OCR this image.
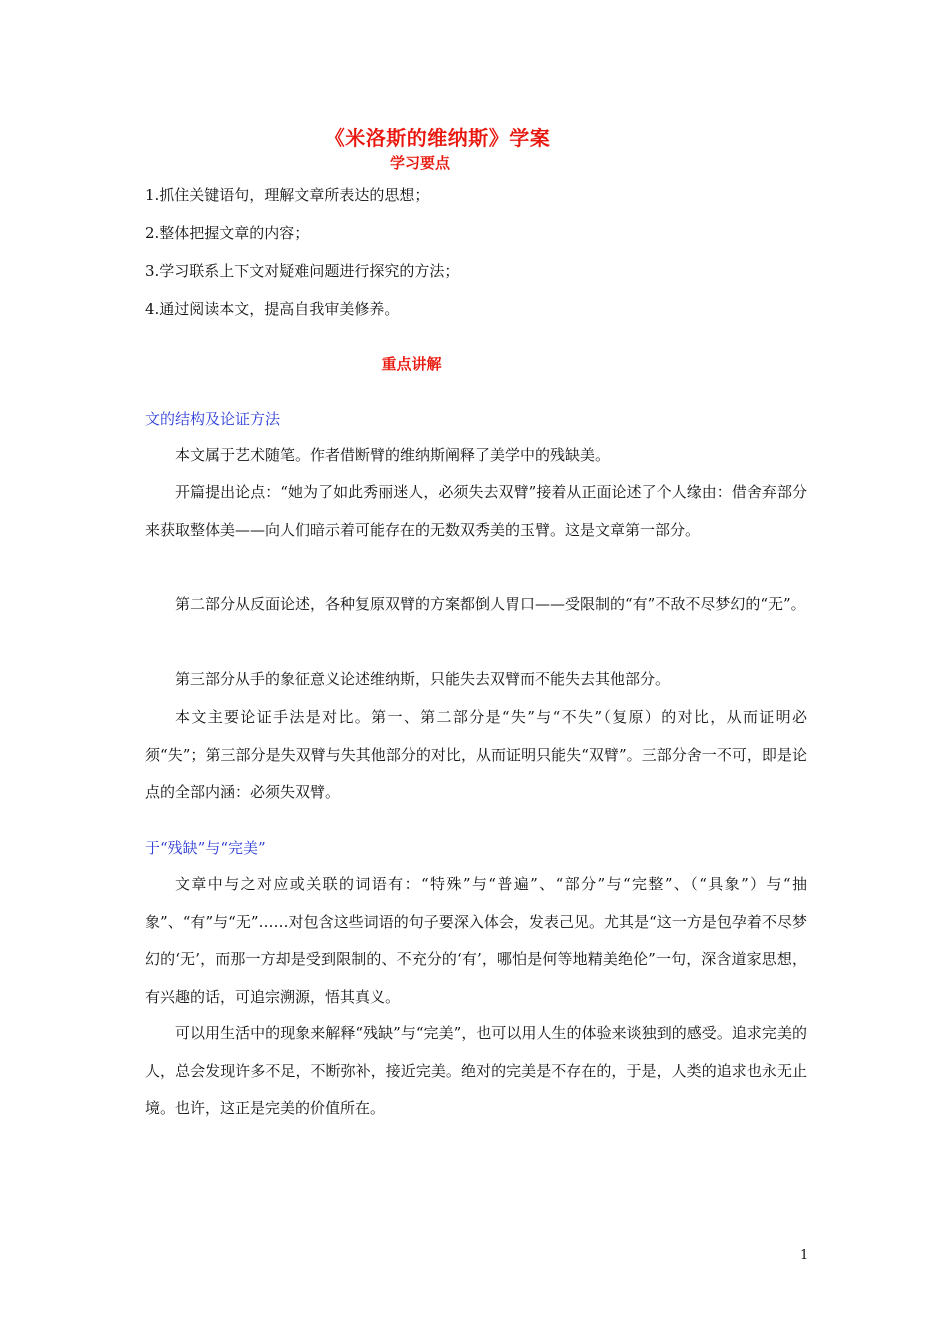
《米洛斯的维纳斯》学案
学习要点
1.抓住关键语句，理解文章所表达的思想；
2.整体把握文章的内容；
3.学习联系上下文对疑难问题进行探究的方法；
4.通过阅读本文，提高自我审美修养。
重点讲解
文的结构及论证方法
本文属于艺术随笔。作者借断臂的维纳斯阐释了美学中的残缺美。
开篇提出论点：“她为了如此秀丽迷人，必须失去双臂”接着从正面论述了个人缘由：借舍弃部分来获取整体美——向人们暗示着可能存在的无数双秀美的玉臂。这是文章第一部分。
第二部分从反面论述，各种复原双臂的方案都倒人胃口——受限制的“有”不敌不尽梦幻的“无”。
第三部分从手的象征意义论述维纳斯，只能失去双臂而不能失去其他部分。
本文主要论证手法是对比。第一、第二部分是“失”与“不失”（复原）的对比，从而证明必须“失”；第三部分是失双臂与失其他部分的对比，从而证明只能失“双臂”。三部分舍一不可，即是论点的全部内涵：必须失双臂。
于“残缺”与“完美”
文章中与之对应或关联的词语有：“特殊”与“普遍”、“部分”与“完整”、（“具象”）与“抽象”、“有”与“无”……对包含这些词语的句子要深入体会，发表己见。尤其是“这一方是包孕着不尽梦幻的‘无’，而那一方却是受到限制的、不充分的‘有’，哪怕是何等地精美绝伦”一句，深含道家思想，有兴趣的话，可追宗溯源，悟其真义。
可以用生活中的现象来解释“残缺”与“完美”，也可以用人生的体验来谈独到的感受。追求完美的人，总会发现许多不足，不断弥补，接近完美。绝对的完美是不存在的，于是，人类的追求也永无止境。也许，这正是完美的价值所在。
1
